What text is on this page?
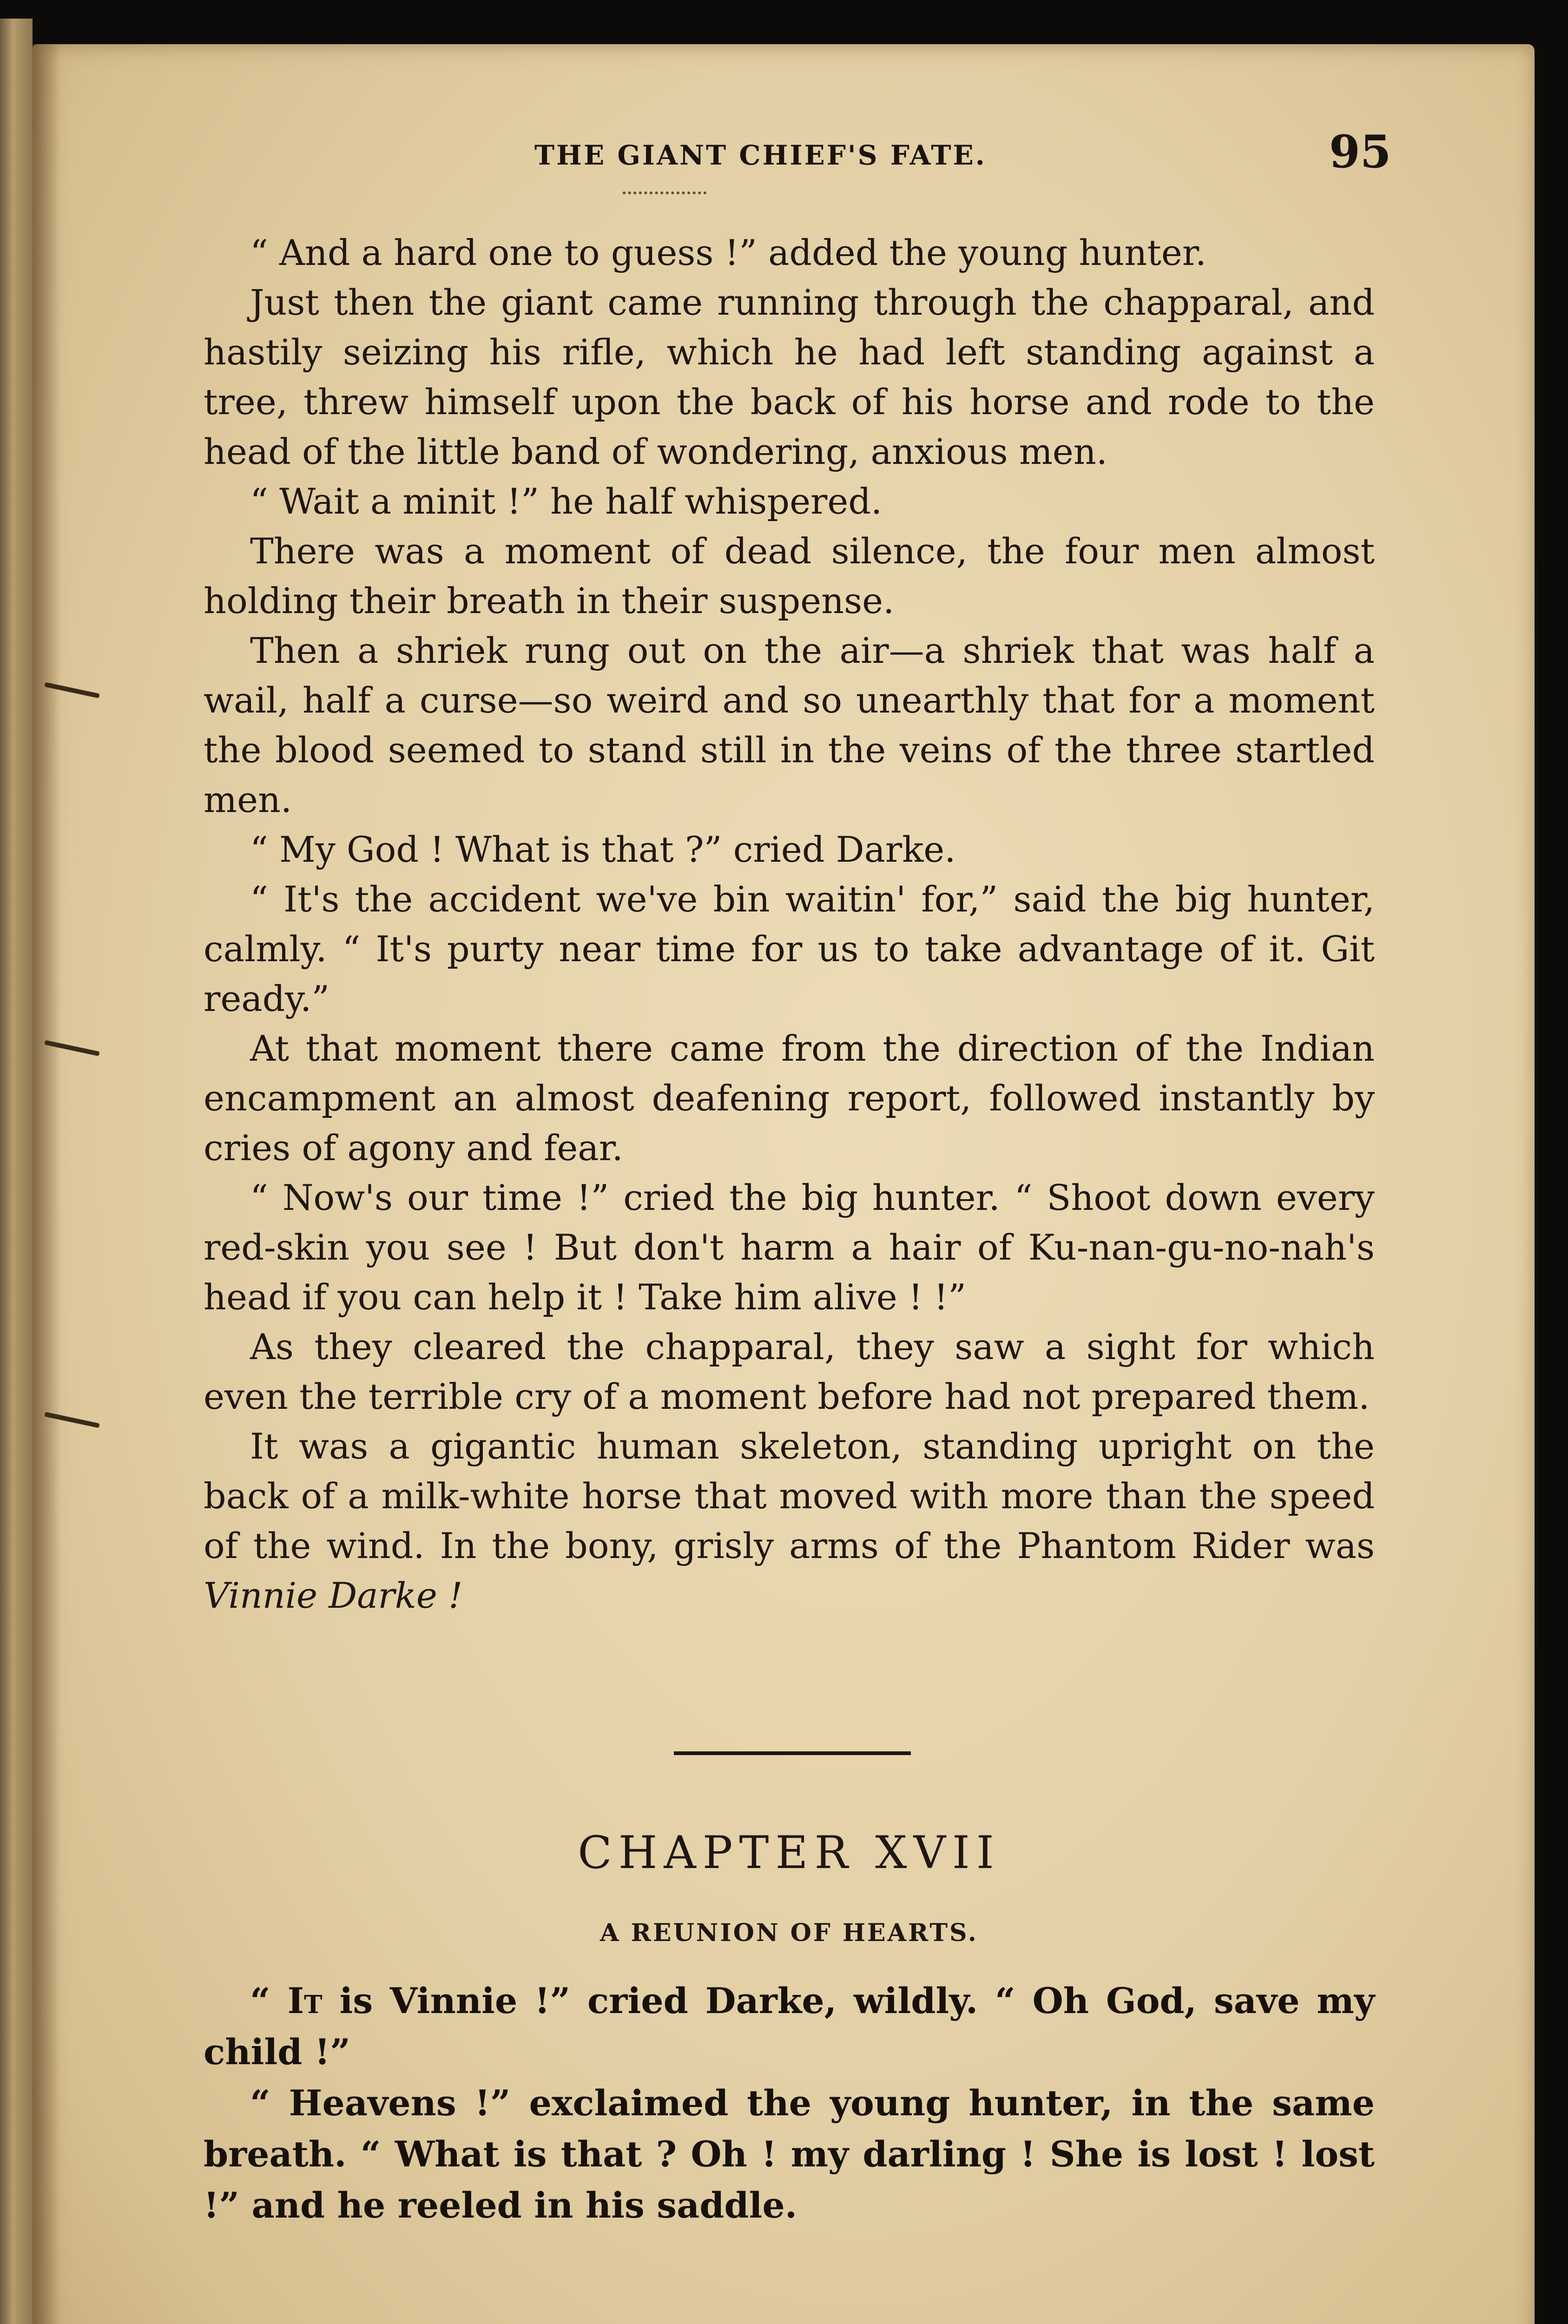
THE GIANT CHIEF'S FATE.	95

“ And a hard one to guess !” added the young hunter.

Just then the giant came running through the chapparal, and hastily seizing his rifle, which he had left standing against a tree, threw himself upon the back of his horse and rode to the head of the little band of wondering, anxious men.

“ Wait a minit !” he half whispered.

There was a moment of dead silence, the four men almost holding their breath in their suspense.

Then a shriek rung out on the air—a shriek that was half a wail, half a curse—so weird and so unearthly that for a moment the blood seemed to stand still in the veins of the three startled men.

“ My God ! What is that ?” cried Darke.

“ It's the accident we've bin waitin' for,” said the big hunter, calmly. “ It's purty near time for us to take advantage of it. Git ready.”

At that moment there came from the direction of the Indian encampment an almost deafening report, followed instantly by cries of agony and fear.

“ Now's our time !” cried the big hunter. “ Shoot down every red-skin you see ! But don't harm a hair of Ku-nan-gu-no-nah's head if you can help it ! Take him alive ! !”

As they cleared the chapparal, they saw a sight for which even the terrible cry of a moment before had not prepared them.

It was a gigantic human skeleton, standing upright on the back of a milk-white horse that moved with more than the speed of the wind. In the bony, grisly arms of the Phantom Rider was Vinnie Darke !

CHAPTER XVII
A REUNION OF HEARTS.

“ It is Vinnie !” cried Darke, wildly. “ Oh God, save my child !”

“ Heavens !” exclaimed the young hunter, in the same breath. “ What is that ? Oh ! my darling ! She is lost ! lost !” and he reeled in his saddle.
